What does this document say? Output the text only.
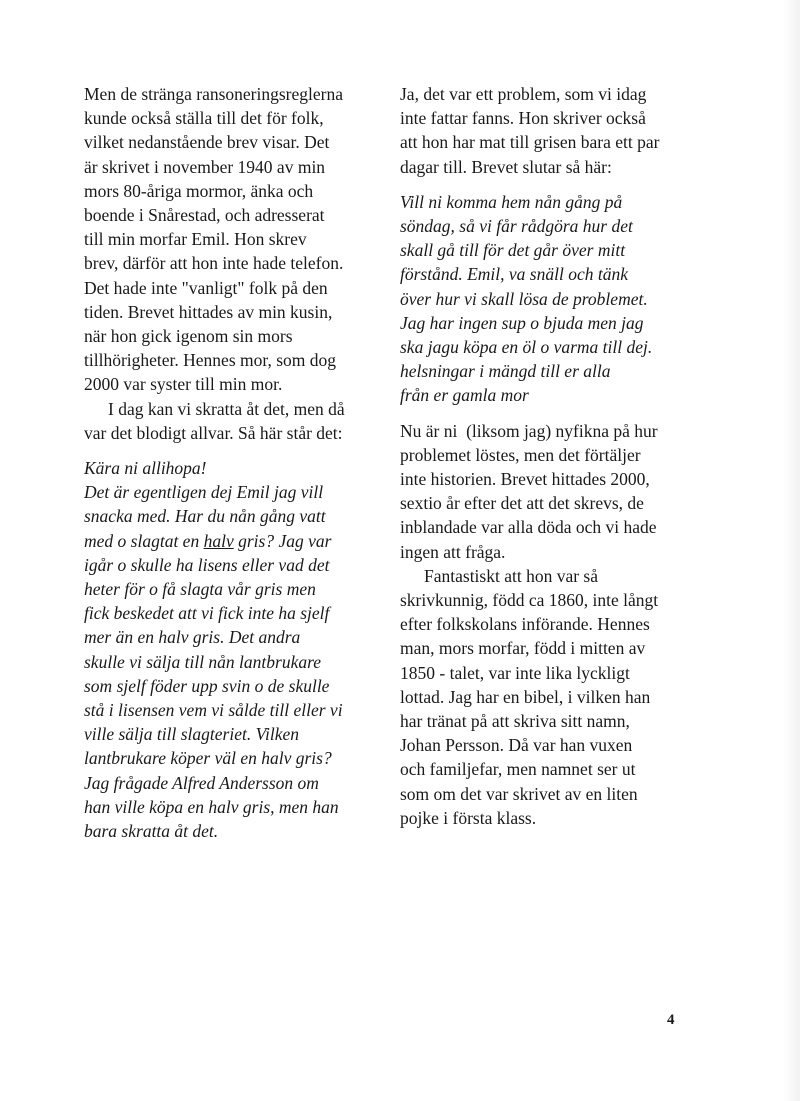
Men de stränga ransoneringsreglerna
kunde också ställa till det för folk,
vilket nedanstående brev visar. Det
är skrivet i november 1940 av min
mors 80-åriga mormor, änka och
boende i Snårestad, och adresserat
till min morfar Emil. Hon skrev
brev, därför att hon inte hade telefon.
Det hade inte "vanligt" folk på den
tiden. Brevet hittades av min kusin,
när hon gick igenom sin mors
tillhörigheter. Hennes mor, som dog
2000 var syster till min mor.
I dag kan vi skratta åt det, men då
var det blodigt allvar. Så här står det:
Kära ni allihopa!
Det är egentligen dej Emil jag vill
snacka med. Har du nån gång vatt
med o slagtat en halv gris? Jag var
igår o skulle ha lisens eller vad det
heter för o få slagta vår gris men
fick beskedet att vi fick inte ha sjelf
mer än en halv gris. Det andra
skulle vi sälja till nån lantbrukare
som sjelf föder upp svin o de skulle
stå i lisensen vem vi sålde till eller vi
ville sälja till slagteriet. Vilken
lantbrukare köper väl en halv gris?
Jag frågade Alfred Andersson om
han ville köpa en halv gris, men han
bara skratta åt det.
Ja, det var ett problem, som vi idag
inte fattar fanns. Hon skriver också
att hon har mat till grisen bara ett par
dagar till. Brevet slutar så här:
Vill ni komma hem nån gång på
söndag, så vi får rådgöra hur det
skall gå till för det går över mitt
förstånd. Emil, va snäll och tänk
över hur vi skall lösa de problemet.
Jag har ingen sup o bjuda men jag
ska jagu köpa en öl o varma till dej.
helsningar i mängd till er alla
från er gamla mor
Nu är ni  (liksom jag) nyfikna på hur
problemet löstes, men det förtäljer
inte historien. Brevet hittades 2000,
sextio år efter det att det skrevs, de
inblandade var alla döda och vi hade
ingen att fråga.
Fantastiskt att hon var så
skrivkunnig, född ca 1860, inte långt
efter folkskolans införande. Hennes
man, mors morfar, född i mitten av
1850 - talet, var inte lika lyckligt
lottad. Jag har en bibel, i vilken han
har tränat på att skriva sitt namn,
Johan Persson. Då var han vuxen
och familjefar, men namnet ser ut
som om det var skrivet av en liten
pojke i första klass.
4
